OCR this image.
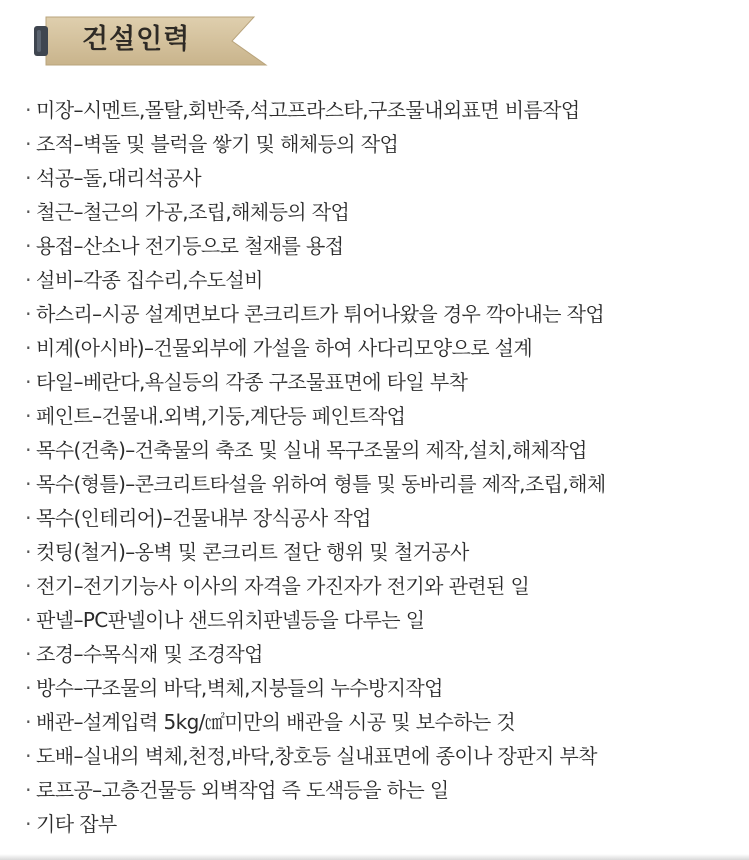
건설인력
· 미장–시멘트,몰탈,회반죽,석고프라스타,구조물내외표면 비름작업
· 조적–벽돌 및 블럭을 쌓기 및 해체등의 작업
· 석공–돌,대리석공사
· 철근–철근의 가공,조립,해체등의 작업
· 용접–산소나 전기등으로 철재를 용접
· 설비–각종 집수리,수도설비
· 하스리–시공 설계면보다 콘크리트가 튀어나왔을 경우 깍아내는 작업
· 비계(아시바)–건물외부에 가설을 하여 사다리모양으로 설계
· 타일–베란다,욕실등의 각종 구조물표면에 타일 부착
· 페인트–건물내.외벽,기둥,계단등 페인트작업
· 목수(건축)–건축물의 축조 및 실내 목구조물의 제작,설치,해체작업
· 목수(형틀)–콘크리트타설을 위하여 형틀 및 동바리를 제작,조립,해체
· 목수(인테리어)–건물내부 장식공사 작업
· 컷팅(철거)–옹벽 및 콘크리트 절단 행위 및 철거공사
· 전기–전기기능사 이사의 자격을 가진자가 전기와 관련된 일
· 판넬–PC판넬이나 샌드위치판넬등을 다루는 일
· 조경–수목식재 및 조경작업
· 방수–구조물의 바닥,벽체,지붕들의 누수방지작업
· 배관–설계입력 5kg/㎠미만의 배관을 시공 및 보수하는 것
· 도배–실내의 벽체,천정,바닥,창호등 실내표면에 종이나 장판지 부착
· 로프공–고층건물등 외벽작업 즉 도색등을 하는 일
· 기타 잡부
